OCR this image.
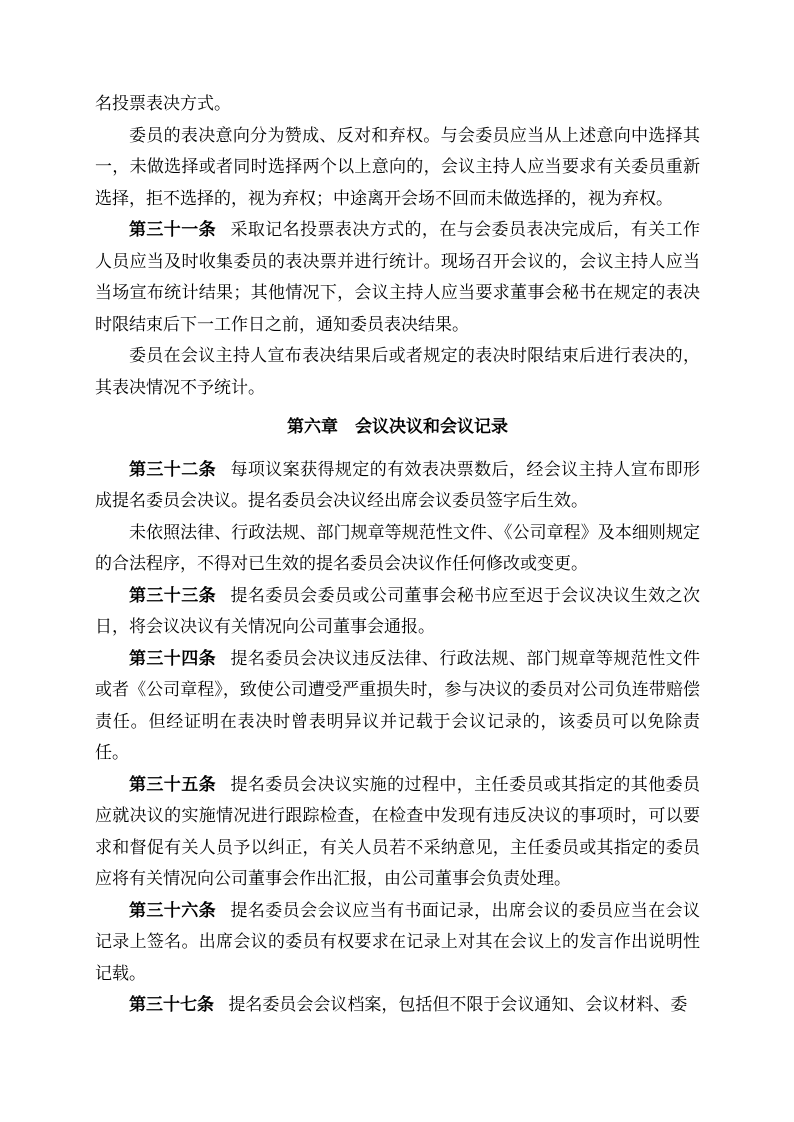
名投票表决方式。

委员的表决意向分为赞成、反对和弃权。与会委员应当从上述意向中选择其一，未做选择或者同时选择两个以上意向的，会议主持人应当要求有关委员重新选择，拒不选择的，视为弃权；中途离开会场不回而未做选择的，视为弃权。

第三十一条 采取记名投票表决方式的，在与会委员表决完成后，有关工作人员应当及时收集委员的表决票并进行统计。现场召开会议的，会议主持人应当当场宣布统计结果；其他情况下，会议主持人应当要求董事会秘书在规定的表决时限结束后下一工作日之前，通知委员表决结果。

委员在会议主持人宣布表决结果后或者规定的表决时限结束后进行表决的，其表决情况不予统计。

第六章　会议决议和会议记录

第三十二条 每项议案获得规定的有效表决票数后，经会议主持人宣布即形成提名委员会决议。提名委员会决议经出席会议委员签字后生效。

未依照法律、行政法规、部门规章等规范性文件、《公司章程》及本细则规定的合法程序，不得对已生效的提名委员会决议作任何修改或变更。

第三十三条 提名委员会委员或公司董事会秘书应至迟于会议决议生效之次日，将会议决议有关情况向公司董事会通报。

第三十四条 提名委员会决议违反法律、行政法规、部门规章等规范性文件或者《公司章程》，致使公司遭受严重损失时，参与决议的委员对公司负连带赔偿责任。但经证明在表决时曾表明异议并记载于会议记录的，该委员可以免除责任。

第三十五条 提名委员会决议实施的过程中，主任委员或其指定的其他委员应就决议的实施情况进行跟踪检查，在检查中发现有违反决议的事项时，可以要求和督促有关人员予以纠正，有关人员若不采纳意见，主任委员或其指定的委员应将有关情况向公司董事会作出汇报，由公司董事会负责处理。

第三十六条 提名委员会会议应当有书面记录，出席会议的委员应当在会议记录上签名。出席会议的委员有权要求在记录上对其在会议上的发言作出说明性记载。

第三十七条 提名委员会会议档案，包括但不限于会议通知、会议材料、委
